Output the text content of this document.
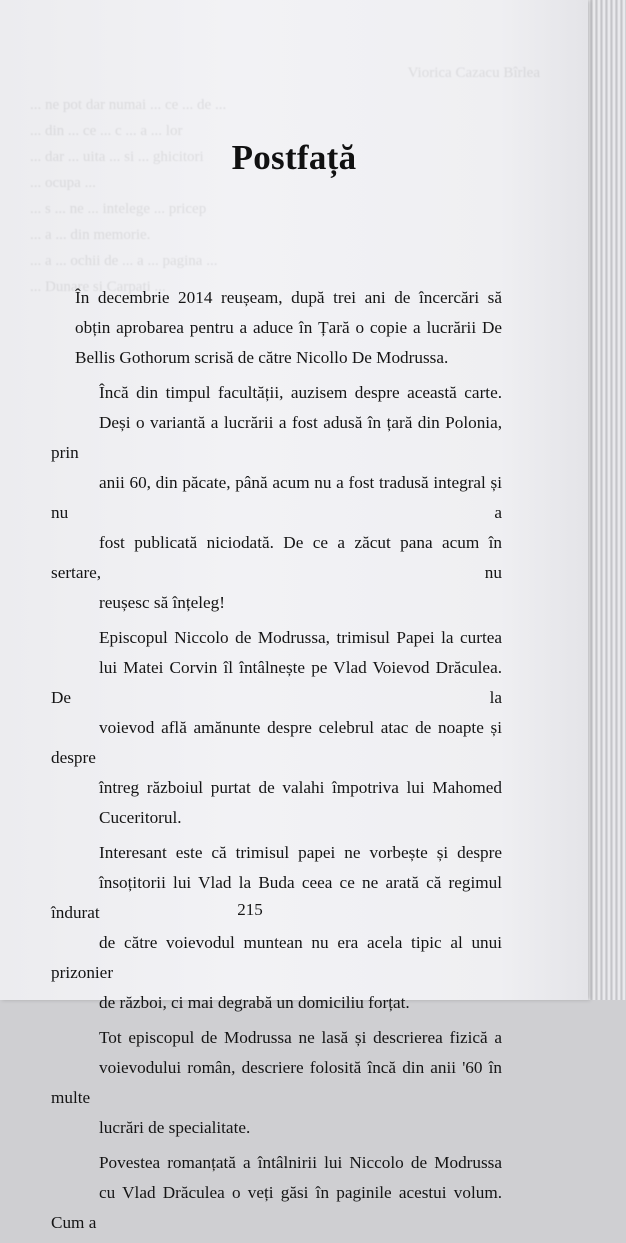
Viorica Cazacu Bîrlea
... ne pot dar numai ... ce ... de ...
... din ... ce ... c ... a ... lor
... dar ... uita ... si ... ghicitori
... ocupa ...
... s ... ne ... intelege ... pricep
... a ... din memorie.
... a ... ochii de ... a ... pagina ...
... Dunare si Carpati ...
Postfață

În decembrie 2014 reușeam, după trei ani de încercări să
obțin aprobarea pentru a aduce în Țară o copie a lucrării De
Bellis Gothorum scrisă de către Nicollo De Modrussa.

Încă din timpul facultății, auzisem despre această carte.
Deși o variantă a lucrării a fost adusă în țară din Polonia, prin
anii 60, din păcate, până acum nu a fost tradusă integral și nu a
fost publicată niciodată. De ce a zăcut pana acum în sertare, nu
reușesc să înțeleg!

Episcopul Niccolo de Modrussa, trimisul Papei la curtea
lui Matei Corvin îl întâlnește pe Vlad Voievod Drăculea. De la
voievod află amănunte despre celebrul atac de noapte și despre
întreg războiul purtat de valahi împotriva lui Mahomed
Cuceritorul.

Interesant este că trimisul papei ne vorbește și despre
însoțitorii lui Vlad la Buda ceea ce ne arată că regimul îndurat
de către voievodul muntean nu era acela tipic al unui prizonier
de război, ci mai degrabă un domiciliu forțat.

Tot episcopul de Modrussa ne lasă și descrierea fizică a
voievodului român, descriere folosită încă din anii '60 în multe
lucrări de specialitate.

Povestea romanțată a întâlnirii lui Niccolo de Modrussa
cu Vlad Drăculea o veți găsi în paginile acestui volum. Cum a

215
